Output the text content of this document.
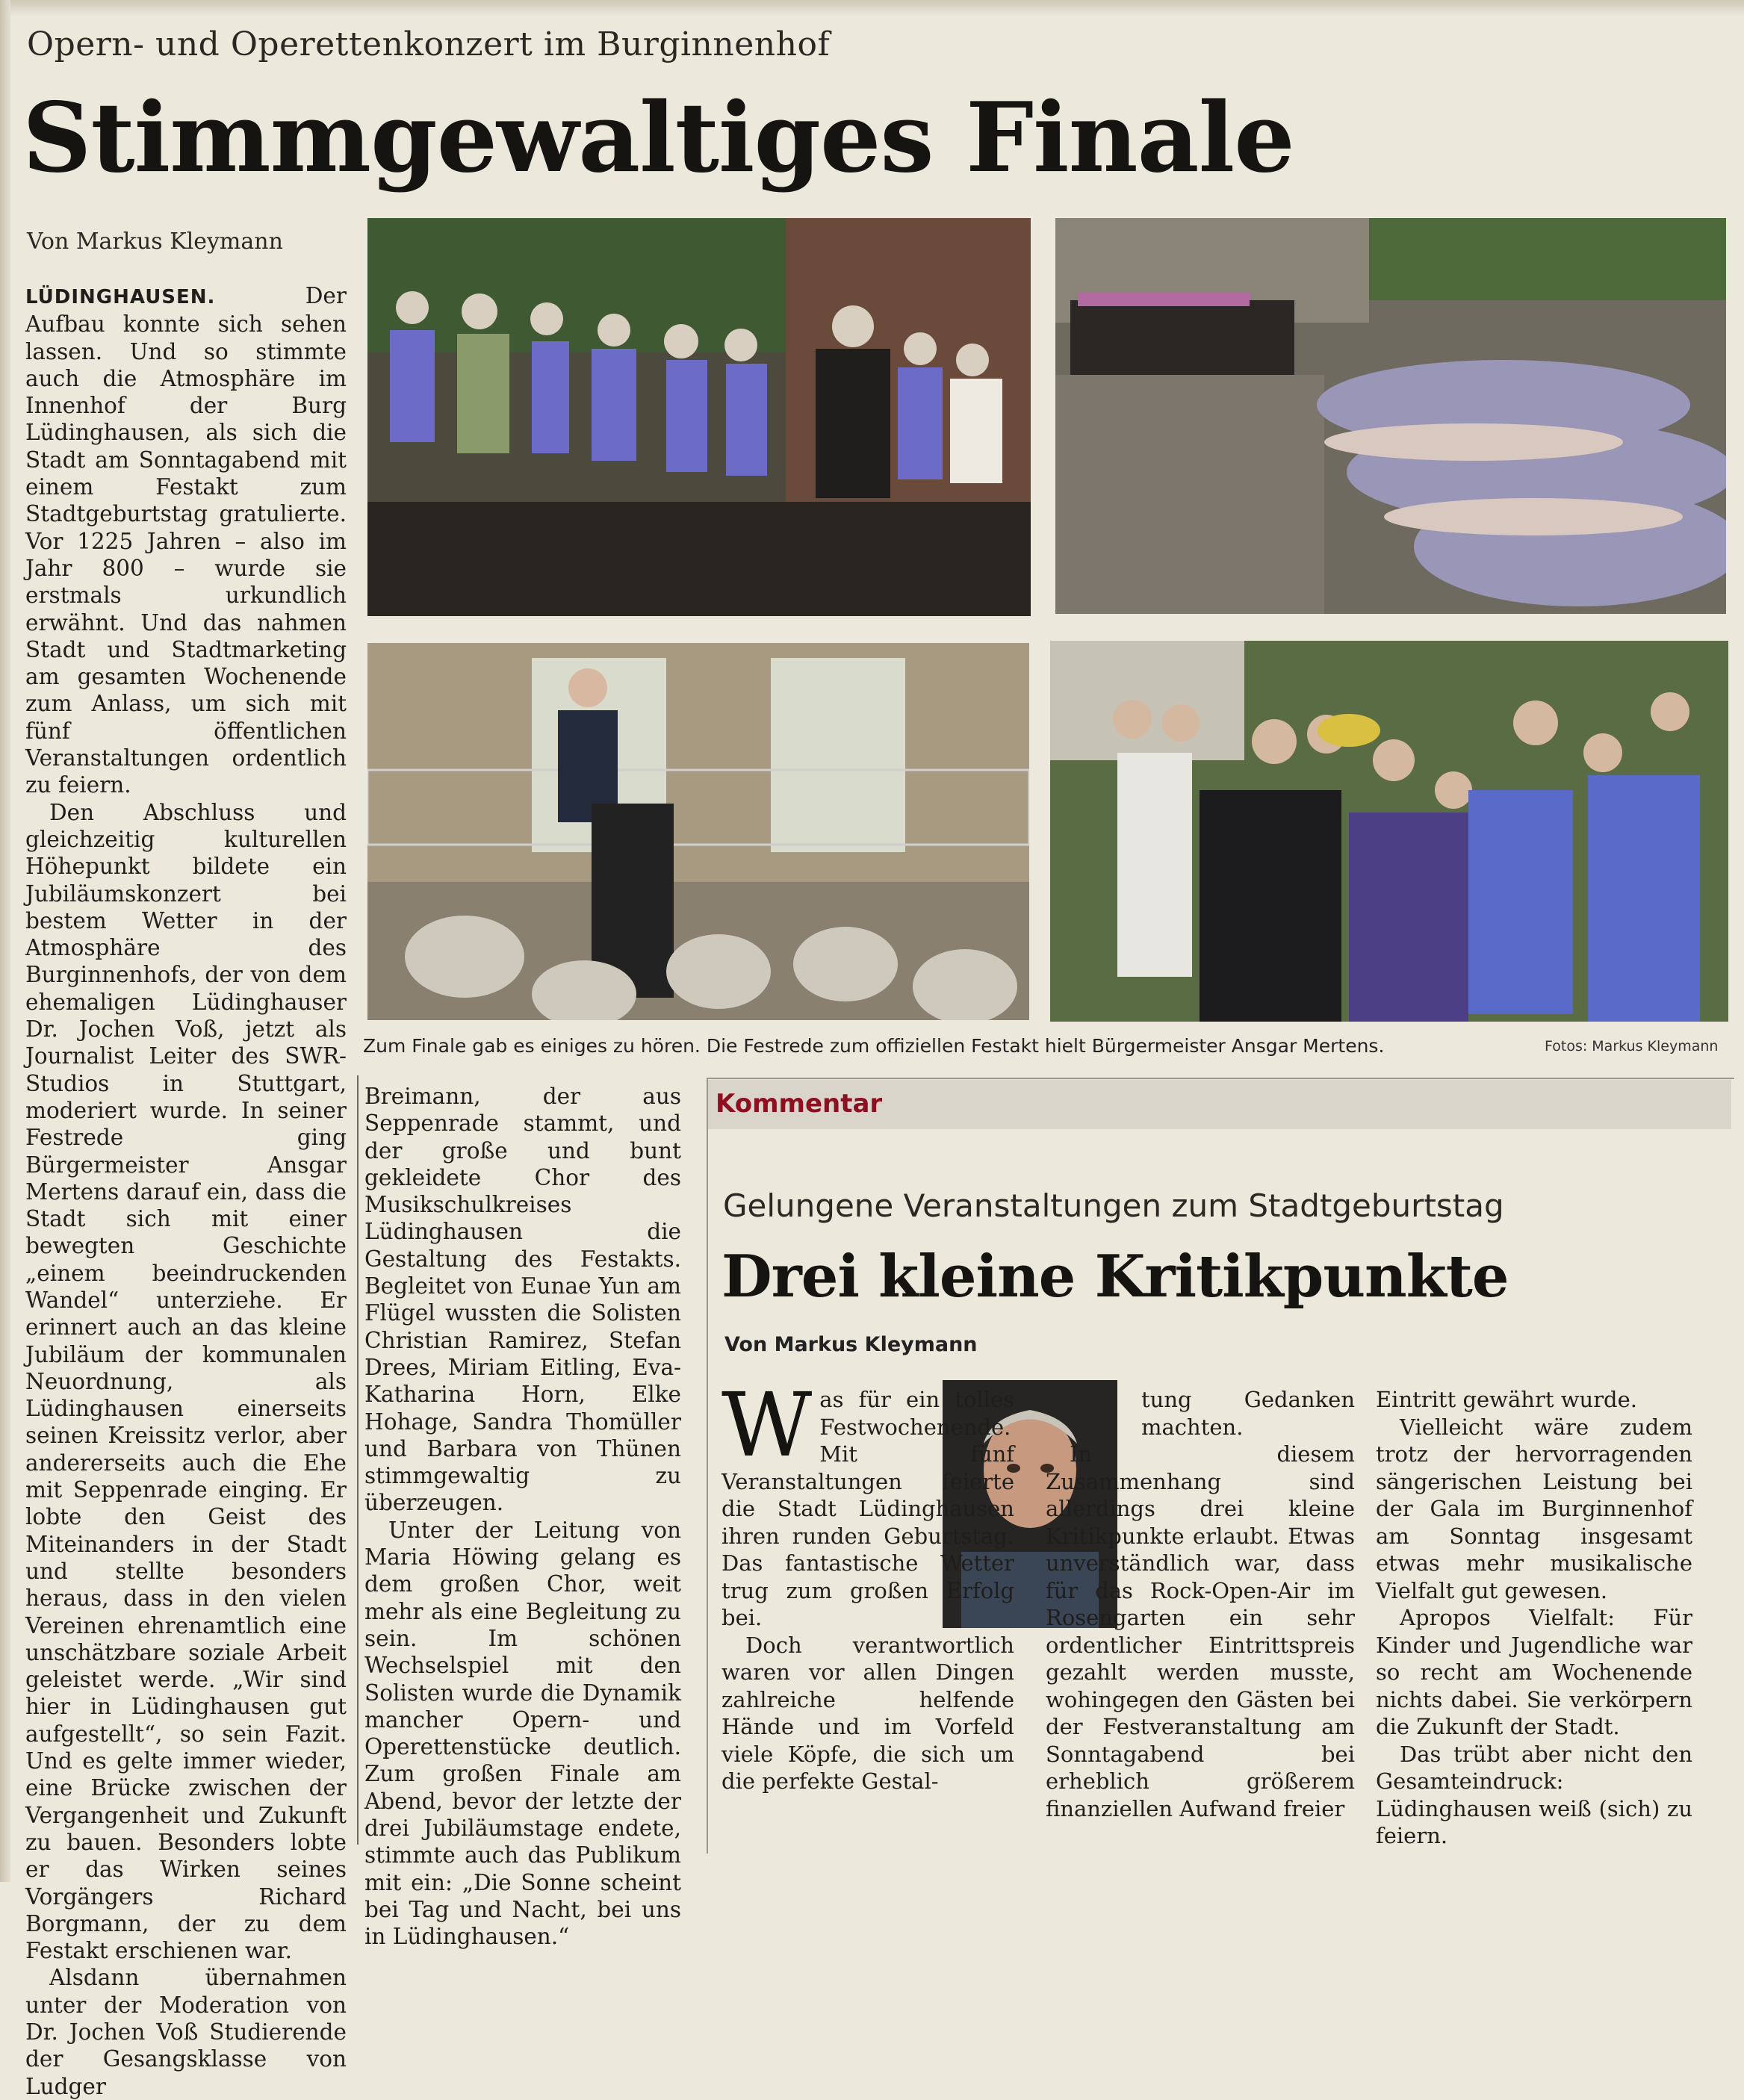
Opern- und Operettenkonzert im Burginnenhof
Stimmgewaltiges Finale
Von Markus Kleymann

LÜDINGHAUSEN.	Der Aufbau konnte sich sehen lassen. Und so stimmte auch die Atmosphäre im Innenhof der Burg Lüdinghausen, als sich die Stadt am Sonntagabend mit einem Festakt zum Stadtgeburtstag gratulierte. Vor 1225 Jahren – also im Jahr 800 – wurde sie erstmals urkundlich erwähnt. Und das nahmen Stadt und Stadtmarketing am gesamten Wochenende zum Anlass, um sich mit fünf öffentlichen Veranstaltungen ordentlich zu feiern.

Den Abschluss und gleichzeitig kulturellen Höhepunkt bildete ein Jubiläumskonzert bei bestem Wetter in der Atmosphäre des Burginnenhofs, der von dem ehemaligen Lüdinghauser Dr. Jochen Voß, jetzt als Journalist Leiter des SWR-Studios in Stuttgart, moderiert wurde. In seiner Festrede ging Bürgermeister Ansgar Mertens darauf ein, dass die Stadt sich mit einer bewegten Geschichte „einem beeindruckenden Wandel“ unterziehe. Er erinnert auch an das kleine Jubiläum der kommunalen Neuordnung, als Lüdinghausen einerseits seinen Kreissitz verlor, aber andererseits auch die Ehe mit Seppenrade einging. Er lobte den Geist des Miteinanders in der Stadt und stellte besonders heraus, dass in den vielen Vereinen ehrenamtlich eine unschätzbare soziale Arbeit geleistet werde. „Wir sind hier in Lüdinghausen gut aufgestellt“, so sein Fazit. Und es gelte immer wieder, eine Brücke zwischen der Vergangenheit und Zukunft zu bauen. Besonders lobte er das Wirken seines Vorgängers Richard Borgmann, der zu dem Festakt erschienen war.

Alsdann übernahmen unter der Moderation von Dr. Jochen Voß Studierende der Gesangsklasse von Ludger

Breimann, der aus Seppenrade stammt, und der große und bunt gekleidete Chor des Musikschulkreises Lüdinghausen die Gestaltung des Festakts. Begleitet von Eunae Yun am Flügel wussten die Solisten Christian Ramirez, Stefan Drees, Miriam Eitling, Eva-Katharina Horn, Elke Hohage, Sandra Thomüller und Barbara von Thünen stimmgewaltig zu überzeugen.

Unter der Leitung von Maria Höwing gelang es dem großen Chor, weit mehr als eine Begleitung zu sein. Im schönen Wechselspiel mit den Solisten wurde die Dynamik mancher Opern- und Operettenstücke deutlich. Zum großen Finale am Abend, bevor der letzte der drei Jubiläumstage endete, stimmte auch das Publikum mit ein: „Die Sonne scheint bei Tag und Nacht, bei uns in Lüdinghausen.“

Zum Finale gab es einiges zu hören. Die Festrede zum offiziellen Festakt hielt Bürgermeister Ansgar Mertens.	Fotos: Markus Kleymann
Kommentar
Gelungene Veranstaltungen zum Stadtgeburtstag
Drei kleine Kritikpunkte
Von Markus Kleymann

Was für ein tolles Festwochenende. Mit fünf Veranstaltungen feierte die Stadt Lüdinghausen ihren runden Geburtstag. Das fantastische Wetter trug zum großen Erfolg bei.

Doch verantwortlich waren vor allen Dingen zahlreiche helfende Hände und im Vorfeld viele Köpfe, die sich um die perfekte Gestal-

tung Gedanken machten.

In diesem Zusammenhang sind allerdings drei kleine Kritikpunkte erlaubt. Etwas unverständlich war, dass für das Rock-Open-Air im Rosengarten ein sehr ordentlicher Eintrittspreis gezahlt werden musste, wohingegen den Gästen bei der Festveranstaltung am Sonntagabend bei erheblich größerem finanziellen Aufwand freier

Eintritt gewährt wurde.

Vielleicht wäre zudem trotz der hervorragenden sängerischen Leistung bei der Gala im Burginnenhof am Sonntag insgesamt etwas mehr musikalische Vielfalt gut gewesen.

Apropos Vielfalt: Für Kinder und Jugendliche war so recht am Wochenende nichts dabei. Sie verkörpern die Zukunft der Stadt.

Das trübt aber nicht den Gesamteindruck: Lüdinghausen weiß (sich) zu feiern.
